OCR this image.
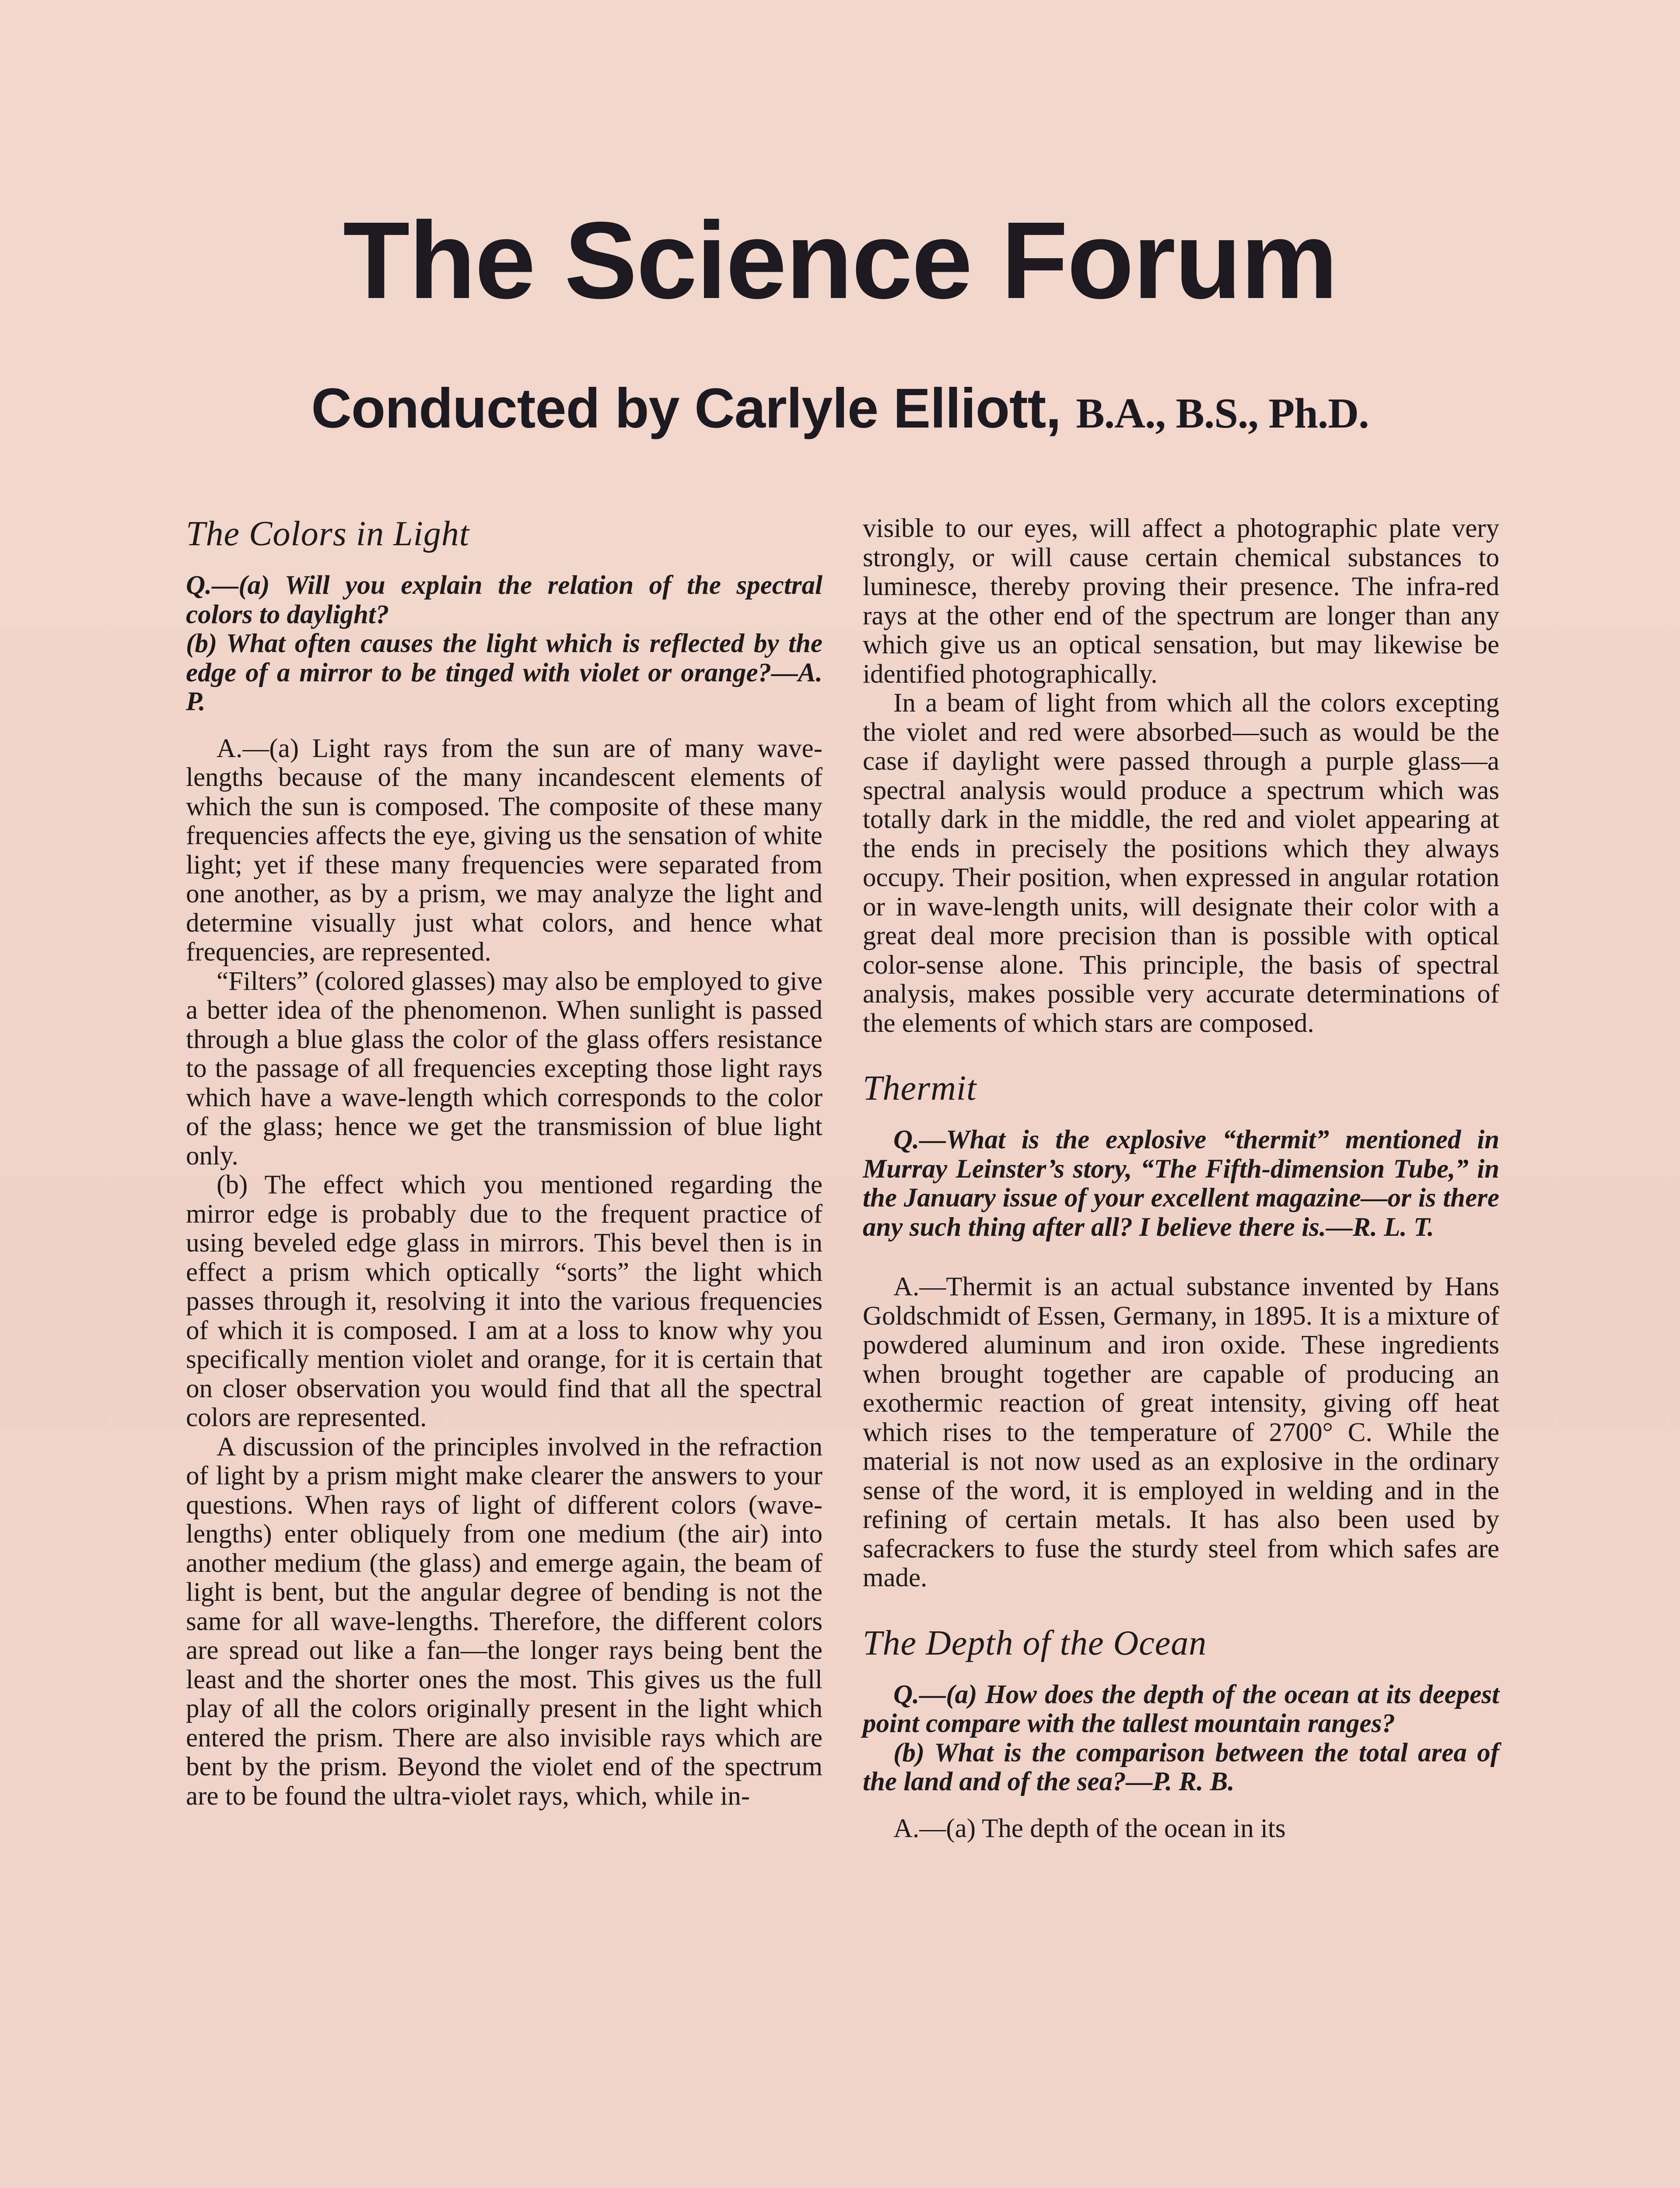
The Science Forum
Conducted by Carlyle Elliott, B.A., B.S., Ph.D.

The Colors in Light

Q.—(a) Will you explain the relation of the spectral colors to daylight?

(b) What often causes the light which is reflected by the edge of a mirror to be tinged with violet or orange?—A. P.

A.—(a) Light rays from the sun are of many wave-lengths because of the many incandescent elements of which the sun is composed. The composite of these many frequencies affects the eye, giving us the sensation of white light; yet if these many frequencies were separated from one another, as by a prism, we may analyze the light and determine visually just what colors, and hence what frequencies, are represented.

“Filters” (colored glasses) may also be employed to give a better idea of the phenomenon. When sunlight is passed through a blue glass the color of the glass offers resistance to the passage of all frequencies excepting those light rays which have a wave-length which corresponds to the color of the glass; hence we get the transmission of blue light only.

(b) The effect which you mentioned regarding the mirror edge is probably due to the frequent practice of using beveled edge glass in mirrors. This bevel then is in effect a prism which optically “sorts” the light which passes through it, resolving it into the various frequencies of which it is composed. I am at a loss to know why you specifically mention violet and orange, for it is certain that on closer observation you would find that all the spectral colors are represented.

A discussion of the principles involved in the refraction of light by a prism might make clearer the answers to your questions. When rays of light of different colors (wave-lengths) enter obliquely from one medium (the air) into another medium (the glass) and emerge again, the beam of light is bent, but the angular degree of bending is not the same for all wave-lengths. Therefore, the different colors are spread out like a fan—the longer rays being bent the least and the shorter ones the most. This gives us the full play of all the colors originally present in the light which entered the prism. There are also invisible rays which are bent by the prism. Beyond the violet end of the spectrum are to be found the ultra-violet rays, which, while in-

visible to our eyes, will affect a photographic plate very strongly, or will cause certain chemical substances to luminesce, thereby proving their presence. The infra-red rays at the other end of the spectrum are longer than any which give us an optical sensation, but may likewise be identified photographically.

In a beam of light from which all the colors excepting the violet and red were absorbed—such as would be the case if daylight were passed through a purple glass—a spectral analysis would produce a spectrum which was totally dark in the middle, the red and violet appearing at the ends in precisely the positions which they always occupy. Their position, when expressed in angular rotation or in wave-length units, will designate their color with a great deal more precision than is possible with optical color-sense alone. This principle, the basis of spectral analysis, makes possible very accurate determinations of the elements of which stars are composed.

Thermit

Q.—What is the explosive “thermit” mentioned in Murray Leinster’s story, “The Fifth-dimension Tube,” in the January issue of your excellent magazine—or is there any such thing after all? I believe there is.—R. L. T.

A.—Thermit is an actual substance invented by Hans Goldschmidt of Essen, Germany, in 1895. It is a mixture of powdered aluminum and iron oxide. These ingredients when brought together are capable of producing an exothermic reaction of great intensity, giving off heat which rises to the temperature of 2700° C. While the material is not now used as an explosive in the ordinary sense of the word, it is employed in welding and in the refining of certain metals. It has also been used by safecrackers to fuse the sturdy steel from which safes are made.

The Depth of the Ocean

Q.—(a) How does the depth of the ocean at its deepest point compare with the tallest mountain ranges?

(b) What is the comparison between the total area of the land and of the sea?—P. R. B.

A.—(a) The depth of the ocean in its
